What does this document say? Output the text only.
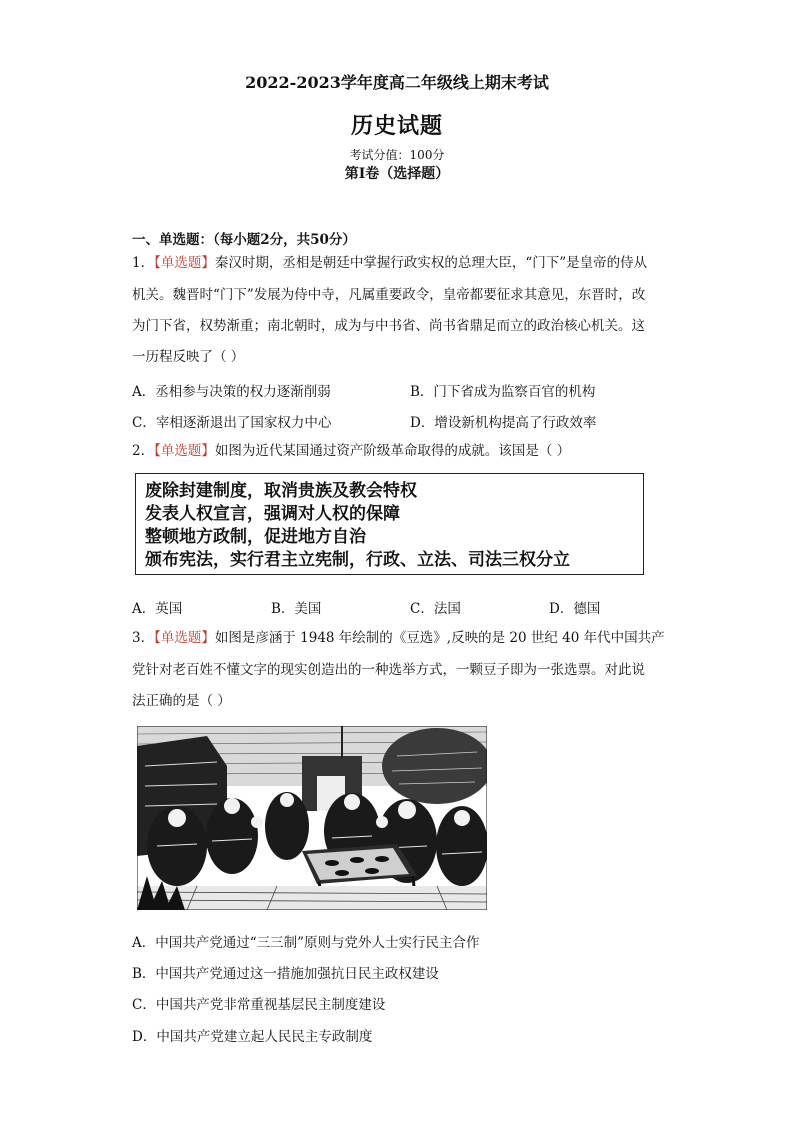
2022-2023学年度高二年级线上期末考试
历史试题
考试分值：100分
第Ⅰ卷（选择题）
一、单选题：（每小题2分，共50分）
1．【单选题】秦汉时期，丞相是朝廷中掌握行政实权的总理大臣，“门下”是皇帝的侍从
机关。魏晋时“门下”发展为侍中寺，凡属重要政令，皇帝都要征求其意见，东晋时，改
为门下省，权势渐重；南北朝时，成为与中书省、尚书省鼎足而立的政治核心机关。这
一历程反映了（ ）
A．丞相参与决策的权力逐渐削弱	B．门下省成为监察百官的机构
C．宰相逐渐退出了国家权力中心	D．增设新机构提高了行政效率
2．【单选题】如图为近代某国通过资产阶级革命取得的成就。该国是（ ）
废除封建制度，取消贵族及教会特权
发表人权宣言，强调对人权的保障
整顿地方政制，促进地方自治
颁布宪法，实行君主立宪制，行政、立法、司法三权分立
A．英国	B．美国	C．法国	D．德国
3．【单选题】如图是彦涵于 1948 年绘制的《豆选》,反映的是 20 世纪 40 年代中国共产
党针对老百姓不懂文字的现实创造出的一种选举方式，一颗豆子即为一张选票。对此说
法正确的是（ ）
A．中国共产党通过“三三制”原则与党外人士实行民主合作
B．中国共产党通过这一措施加强抗日民主政权建设
C．中国共产党非常重视基层民主制度建设
D．中国共产党建立起人民民主专政制度
